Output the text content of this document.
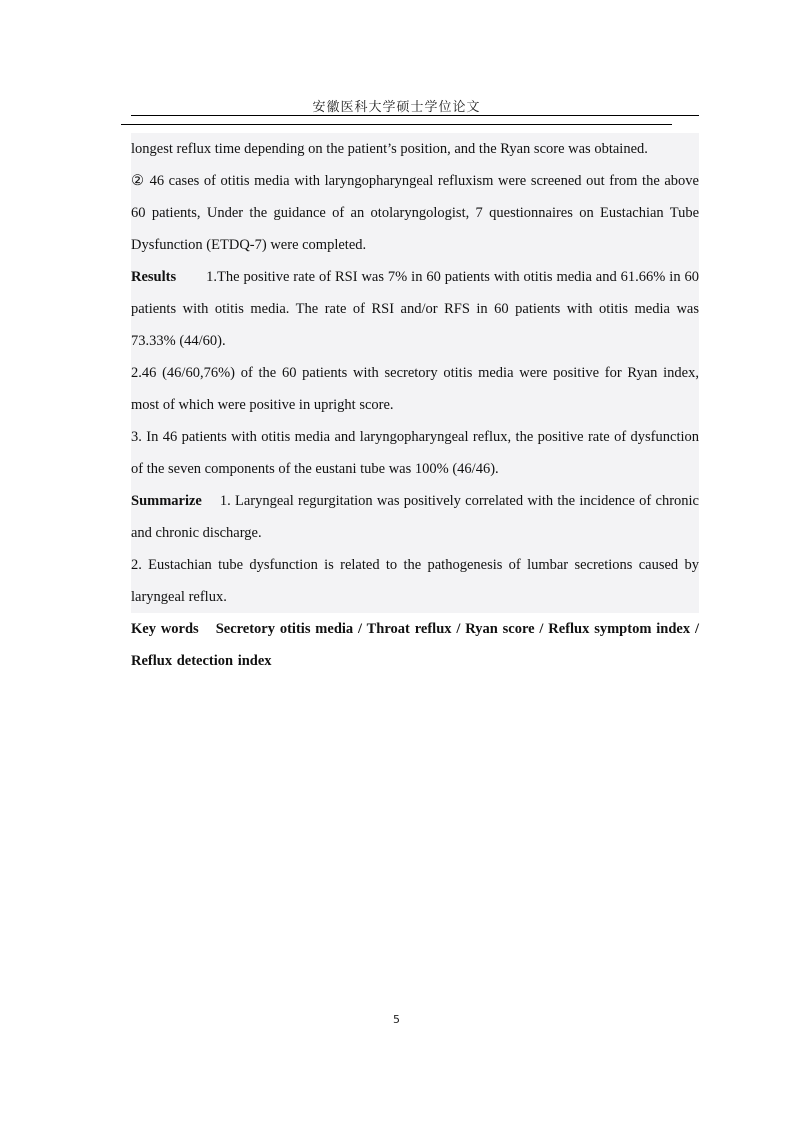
安徽医科大学硕士学位论文

longest reflux time depending on the patient’s position, and the Ryan score was obtained.

② 46 cases of otitis media with laryngopharyngeal refluxism were screened out from the above 60 patients, Under the guidance of an otolaryngologist, 7 questionnaires on Eustachian Tube Dysfunction (ETDQ-7) were completed.

Results 1.The positive rate of RSI was 7% in 60 patients with otitis media and 61.66% in 60 patients with otitis media. The rate of RSI and/or RFS in 60 patients with otitis media was 73.33% (44/60).

2.46 (46/60,76%) of the 60 patients with secretory otitis media were positive for Ryan index, most of which were positive in upright score.

3. In 46 patients with otitis media and laryngopharyngeal reflux, the positive rate of dysfunction of the seven components of the eustani tube was 100% (46/46).

Summarize 1. Laryngeal regurgitation was positively correlated with the incidence of chronic and chronic discharge.

2. Eustachian tube dysfunction is related to the pathogenesis of lumbar secretions caused by laryngeal reflux.

Key words Secretory otitis media / Throat reflux / Ryan score / Reflux symptom index / Reflux detection index

5
